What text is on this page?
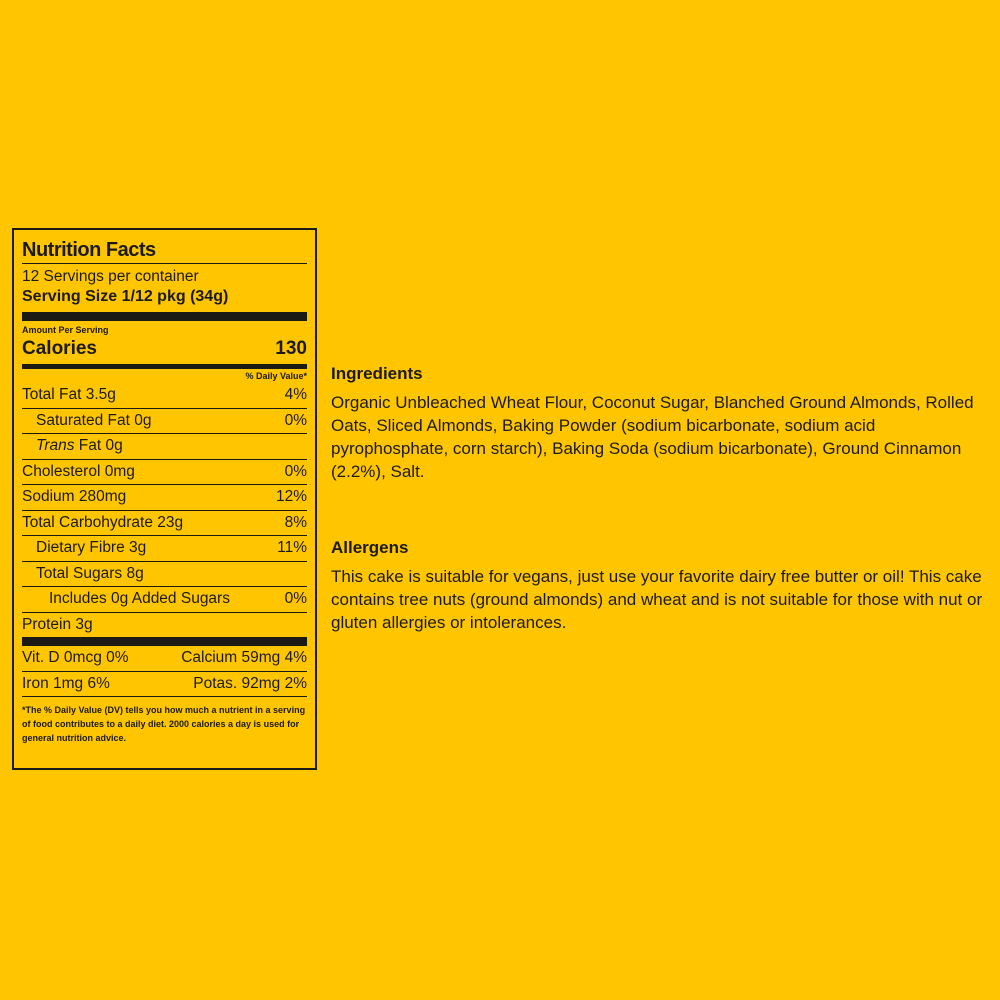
Nutrition Facts
12 Servings per container
Serving Size 1/12 pkg (34g)
Amount Per Serving
Calories	130
% Daily Value*
Total Fat 3.5g	4%
Saturated Fat 0g	0%
Trans Fat 0g
Cholesterol 0mg	0%
Sodium 280mg	12%
Total Carbohydrate 23g	8%
Dietary Fibre 3g	11%
Total Sugars 8g
Includes 0g Added Sugars	0%
Protein 3g
Vit. D 0mcg 0%	Calcium 59mg 4%
Iron 1mg 6%	Potas. 92mg 2%
*The % Daily Value (DV) tells you how much a nutrient in a serving of food contributes to a daily diet. 2000 calories a day is used for general nutrition advice.
Ingredients
Organic Unbleached Wheat Flour, Coconut Sugar, Blanched Ground Almonds, Rolled Oats, Sliced Almonds, Baking Powder (sodium bicarbonate, sodium acid pyrophosphate, corn starch), Baking Soda (sodium bicarbonate), Ground Cinnamon (2.2%), Salt.
Allergens
This cake is suitable for vegans, just use your favorite dairy free butter or oil! This cake contains tree nuts (ground almonds) and wheat and is not suitable for those with nut or gluten allergies or intolerances.
